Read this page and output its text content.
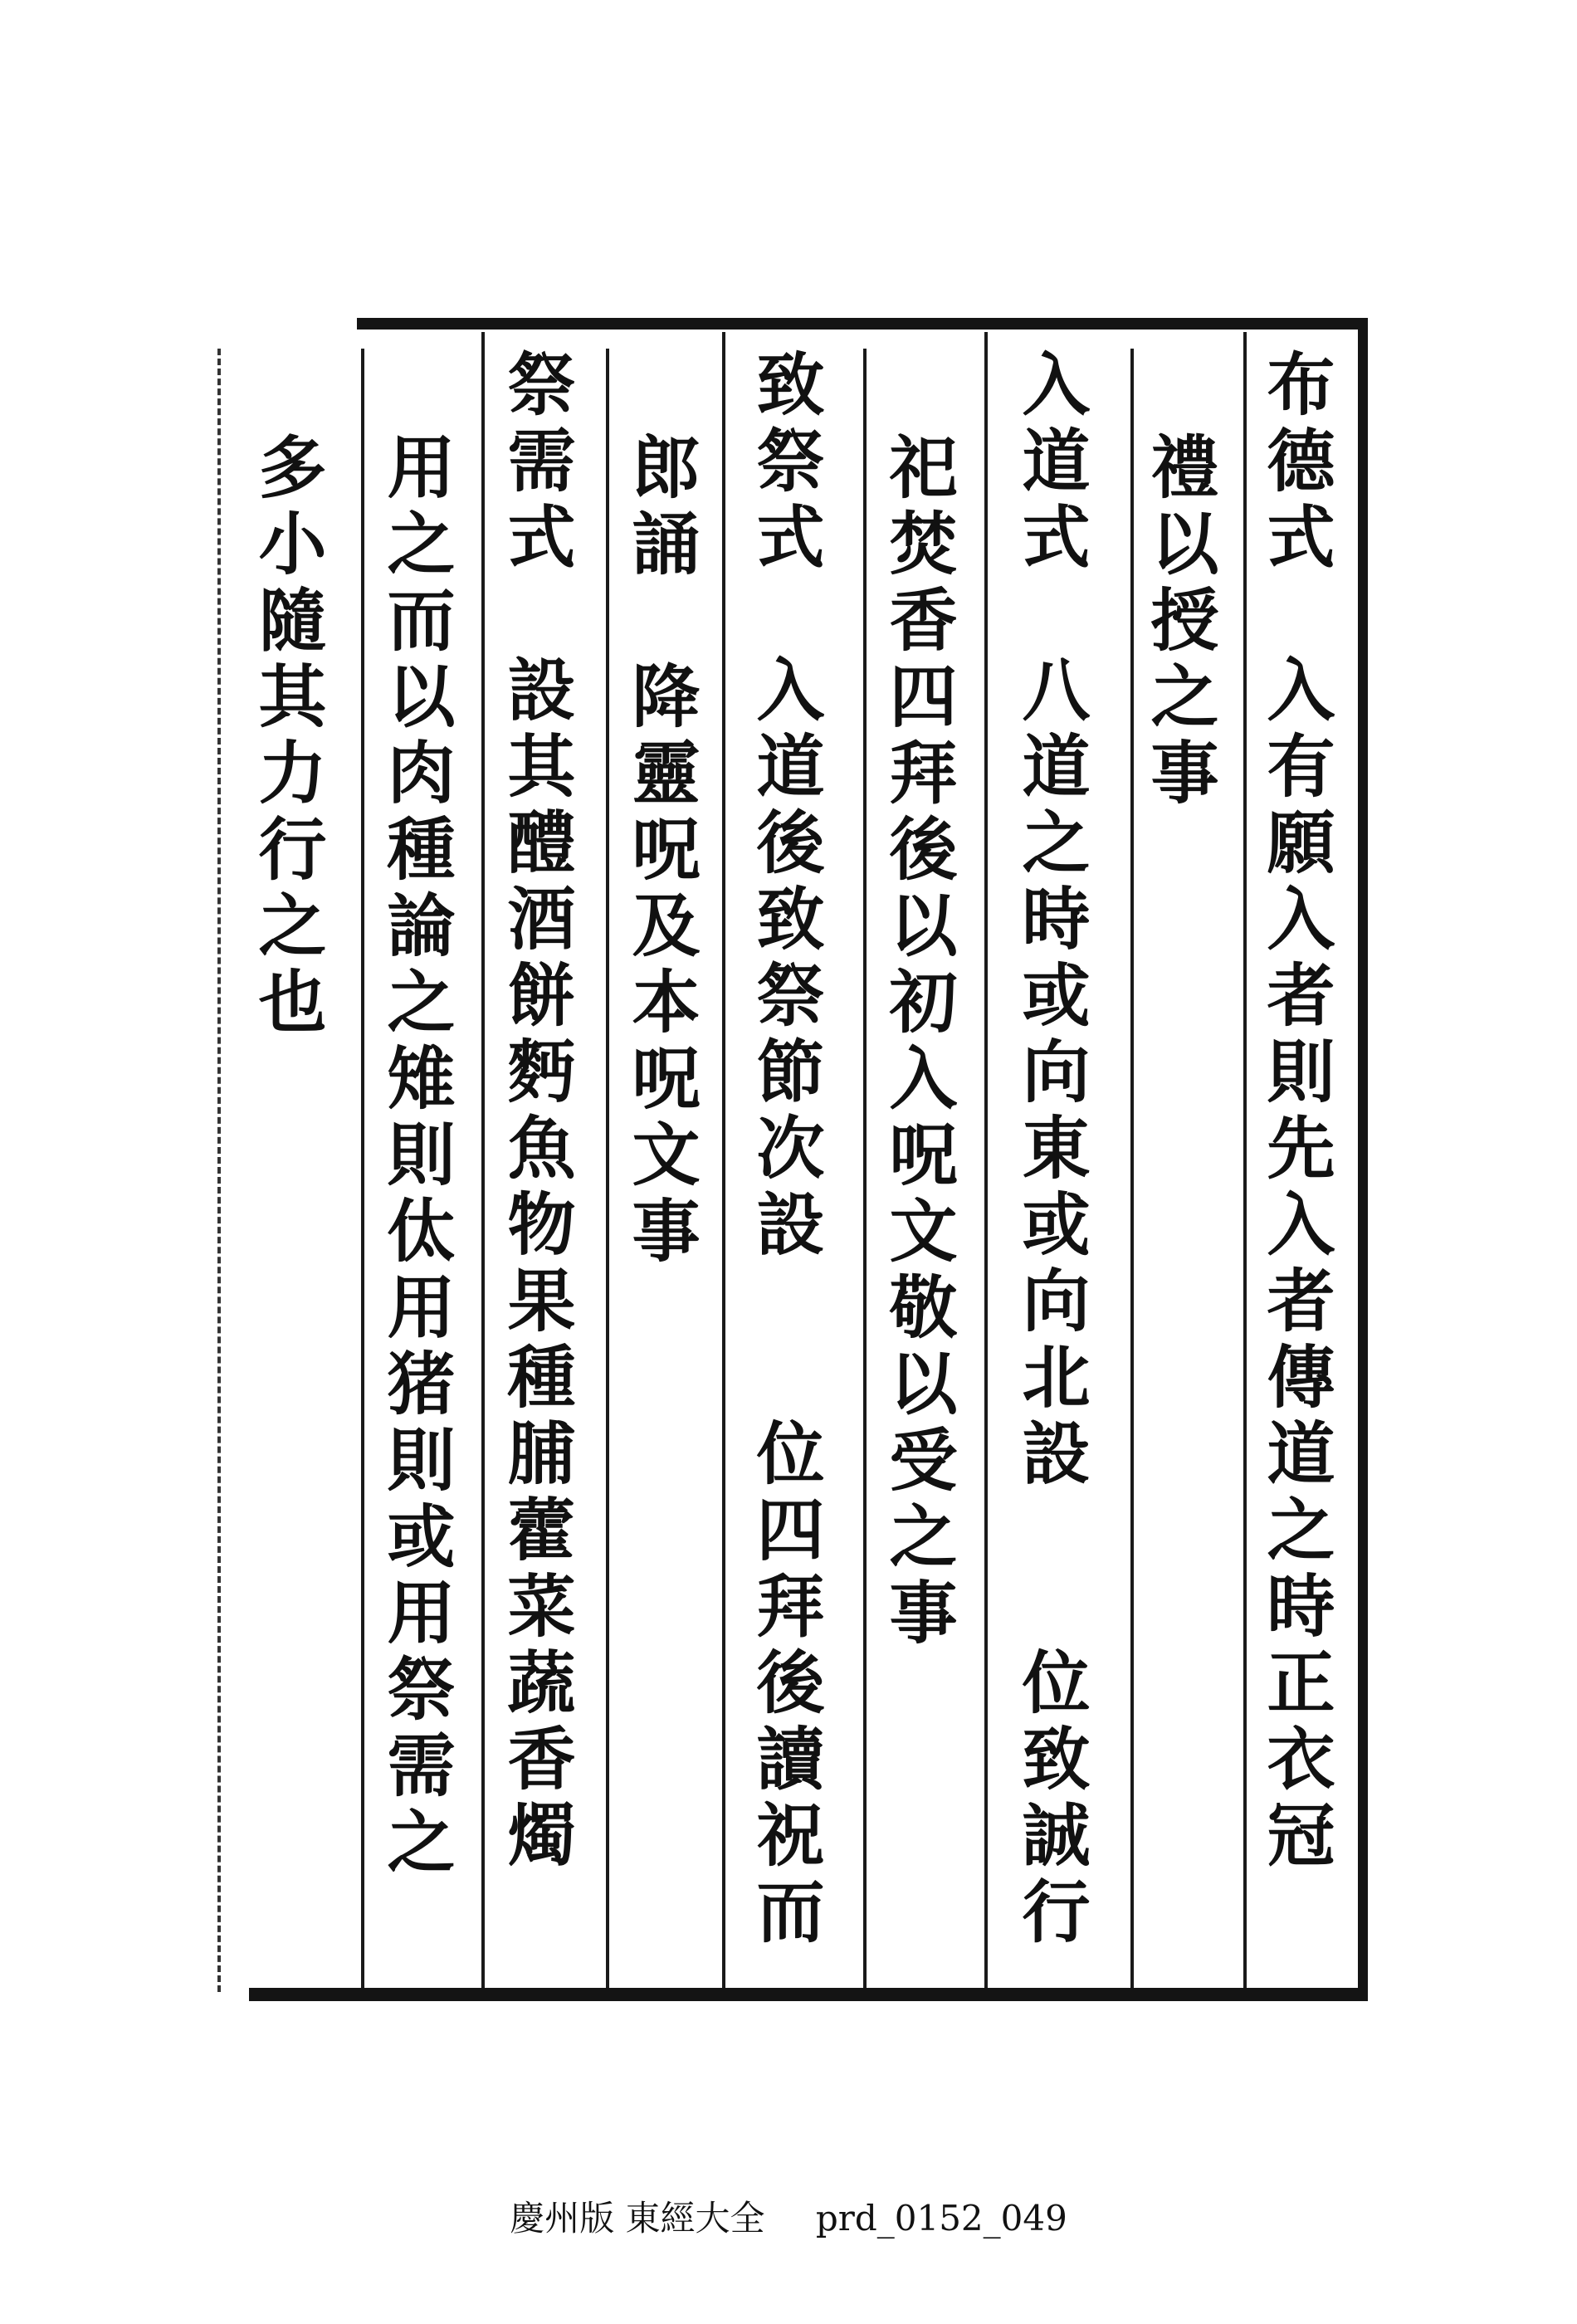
布德式　入有願入者則先入者傳道之時正衣冠
禮以授之事
入道式　八道之時或向東或向北設　　位致誠行
祀焚香四拜後以初入呪文敬以受之事
致祭式　入道後致祭節次設　　位四拜後讀祝而
郎誦　降靈呪及本呪文事
祭需式　設其醴酒餅麪魚物果種脯藿菜蔬香燭
用之而以肉種論之雉則㑀用猪則或用祭需之
多小隨其力行之也
慶州版 東經大全 prd_0152_049
